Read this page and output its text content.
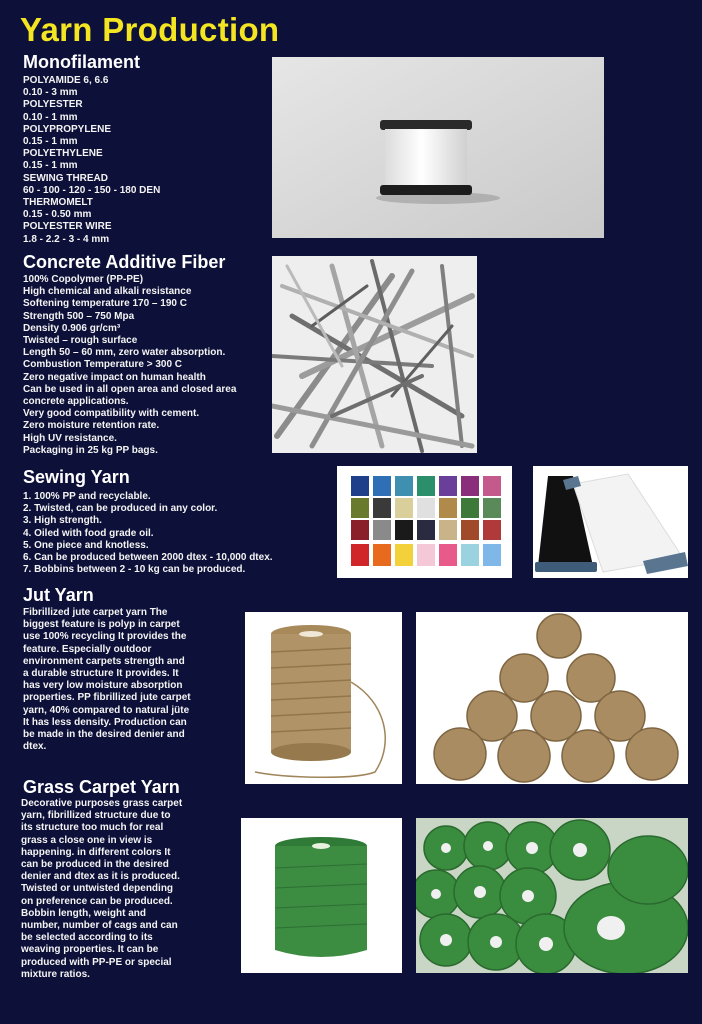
Yarn Production
Monofilament
POLYAMIDE 6, 6.6
0.10 - 3 mm
POLYESTER
0.10 - 1 mm
POLYPROPYLENE
0.15 - 1 mm
POLYETHYLENE
0.15 - 1 mm
SEWING THREAD
60 - 100 - 120 - 150 - 180 DEN
THERMOMELT
0.15 - 0.50 mm
POLYESTER WIRE
1.8 - 2.2 - 3 - 4 mm
Concrete Additive Fiber
100% Copolymer (PP-PE)
High chemical and alkali resistance
Softening temperature 170 – 190 C
Strength 500 – 750 Mpa
Density 0.906 gr/cm³
Twisted – rough surface
Length 50 – 60 mm, zero water absorption.
Combustion Temperature > 300 C
Zero negative impact on human health
Can be used in all open area and closed area
concrete applications.
Very good compatibility with cement.
Zero moisture retention rate.
High UV resistance.
Packaging in 25 kg PP bags.
Sewing Yarn
1. 100% PP and recyclable.
2. Twisted, can be produced in any color.
3. High strength.
4. Oiled with food grade oil.
5. One piece and knotless.
6. Can be produced between 2000 dtex - 10,000 dtex.
7. Bobbins between 2 - 10 kg can be produced.
Jut Yarn
Fibrillized jute carpet yarn The
biggest feature is polyp in carpet
use 100% recycling It provides the
feature. Especially outdoor
environment carpets strength and
a durable structure It provides. It
has very low moisture absorption
properties. PP fibrillized jute carpet
yarn, 40% compared to natural jüte
It has less density. Production can
be made in the desired denier and
dtex.
Grass Carpet Yarn
Decorative purposes grass carpet
yarn, fibrillized structure due to
its structure too much for real
grass a close one in view is
happening. in different colors It
can be produced in the desired
denier and dtex as it is produced.
Twisted or untwisted depending
on preference can be produced.
Bobbin length, weight and
number, number of cags and can
be selected according to its
weaving properties. It can be
produced with PP-PE or special
mixture ratios.
